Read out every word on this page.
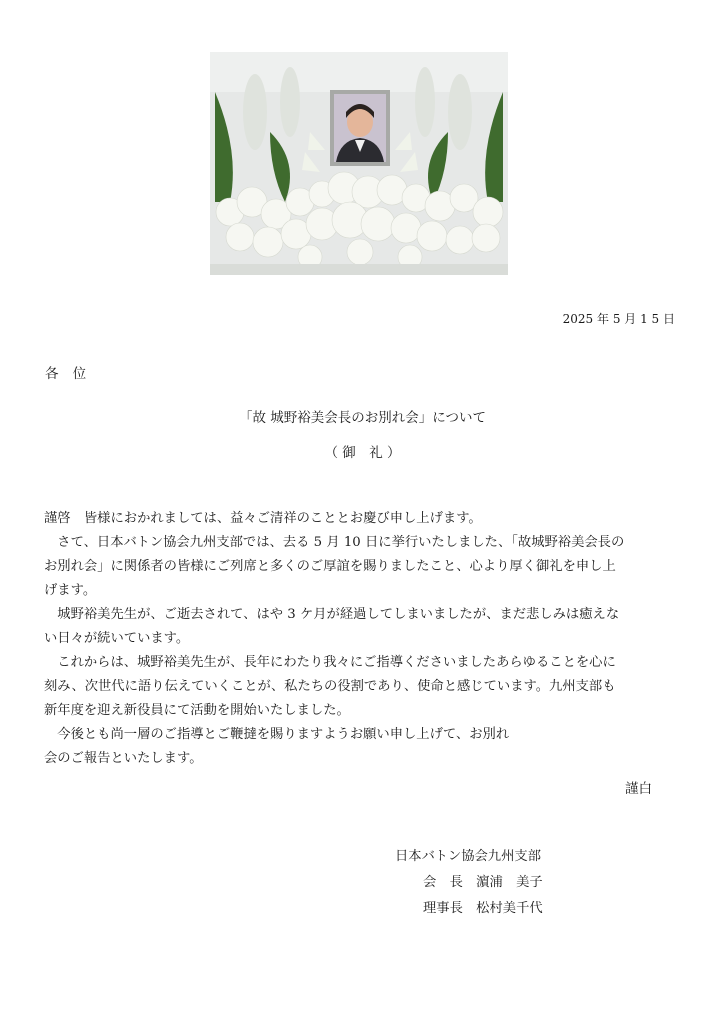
2025 年 5 月 1 5 日
各　位
「故 城野裕美会長のお別れ会」について
（ 御　礼 ）

謹啓　皆様におかれましては、益々ご清祥のこととお慶び申し上げます。

　さて、日本バトン協会九州支部では、去る 5 月 10 日に挙行いたしました、「故城野裕美会長の

お別れ会」に関係者の皆様にご列席と多くのご厚誼を賜りましたこと、心より厚く御礼を申し上

げます。

　城野裕美先生が、ご逝去されて、はや 3 ケ月が経過してしまいましたが、まだ悲しみは癒えな

い日々が続いています。

　これからは、城野裕美先生が、長年にわたり我々にご指導くださいましたあらゆることを心に

刻み、次世代に語り伝えていくことが、私たちの役割であり、使命と感じています。九州支部も

新年度を迎え新役員にて活動を開始いたしました。

　今後とも尚一層のご指導とご鞭撻を賜りますようお願い申し上げて、お別れ

会のご報告といたします。

謹白
日本バトン協会九州支部
会　長　濵浦　美子
理事長　松村美千代
